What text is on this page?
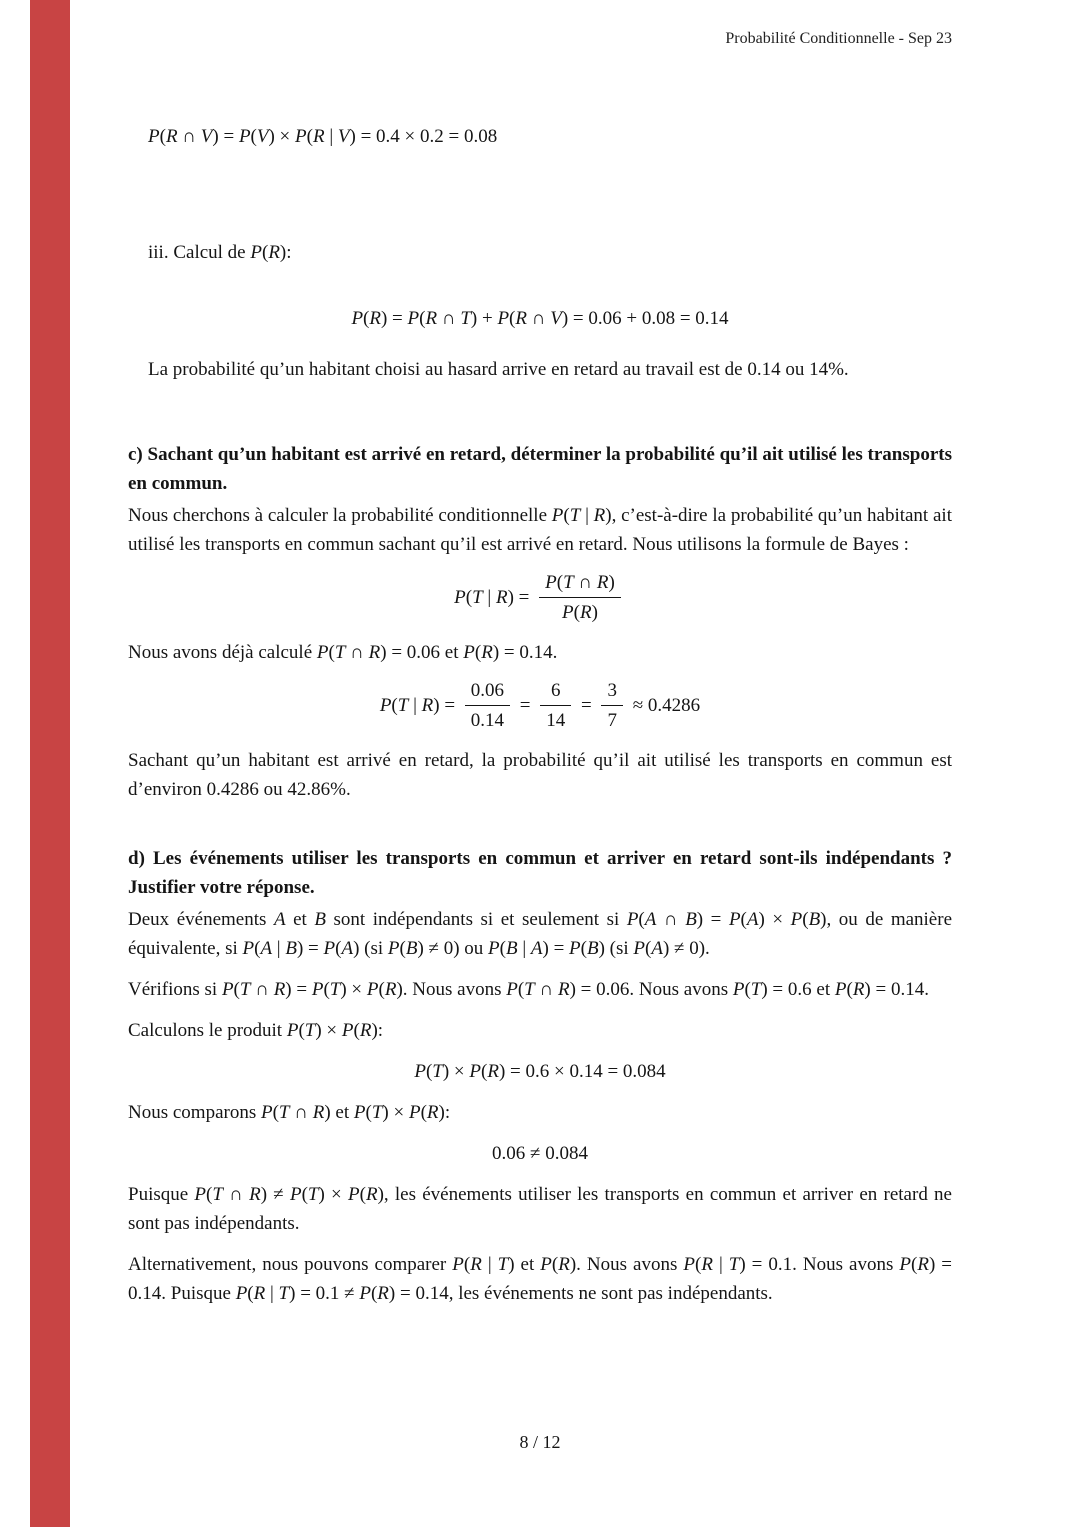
Probabilité Conditionnelle - Sep 23
P(R ∩ V) = P(V) × P(R | V) = 0.4 × 0.2 = 0.08
iii. Calcul de P(R):
P(R) = P(R ∩ T) + P(R ∩ V) = 0.06 + 0.08 = 0.14
La probabilité qu’un habitant choisi au hasard arrive en retard au travail est de 0.14 ou 14%.
c) Sachant qu’un habitant est arrivé en retard, déterminer la probabilité qu’il ait utilisé les transports en commun.
Nous cherchons à calculer la probabilité conditionnelle P(T | R), c’est-à-dire la probabilité qu’un habitant ait utilisé les transports en commun sachant qu’il est arrivé en retard. Nous utilisons la formule de Bayes :
P(T | $R) = \frac{P(T \cap R)}{P(R)}$
Nous avons déjà calculé P(T ∩ R) = 0.06 et P(R) = 0.14.
P(T | $R) = \frac{0.06}{0.14} = \frac{6}{14} = \frac{3}{7} \approx 0.4286$
Sachant qu’un habitant est arrivé en retard, la probabilité qu’il ait utilisé les transports en commun est d’environ 0.4286 ou 42.86%.
d) Les événements utiliser les transports en commun et arriver en retard sont-ils indépendants ? Justifier votre réponse.
Deux événements A et B sont indépendants si et seulement si P(A ∩ B) = P(A) × P(B), ou de manière équivalente, si P(A | B) = P(A) (si P(B) ≠ 0) ou P(B | A) = P(B) (si P(A) ≠ 0).
Vérifions si P(T ∩ R) = P(T) × P(R). Nous avons P(T ∩ R) = 0.06. Nous avons P(T) = 0.6 et P(R) = 0.14.
Calculons le produit P(T) × P(R):
P(T) × P(R) = 0.6 × 0.14 = 0.084
Nous comparons P(T ∩ R) et P(T) × P(R):
0.06 ≠ 0.084
Puisque P(T ∩ R) ≠ P(T) × P(R), les événements utiliser les transports en commun et arriver en retard ne sont pas indépendants.
Alternativement, nous pouvons comparer P(R | T) et P(R). Nous avons P(R | T) = 0.1. Nous avons P(R) = 0.14. Puisque P(R | T) = 0.1 ≠ P(R) = 0.14, les événements ne sont pas indépendants.
8 / 12
